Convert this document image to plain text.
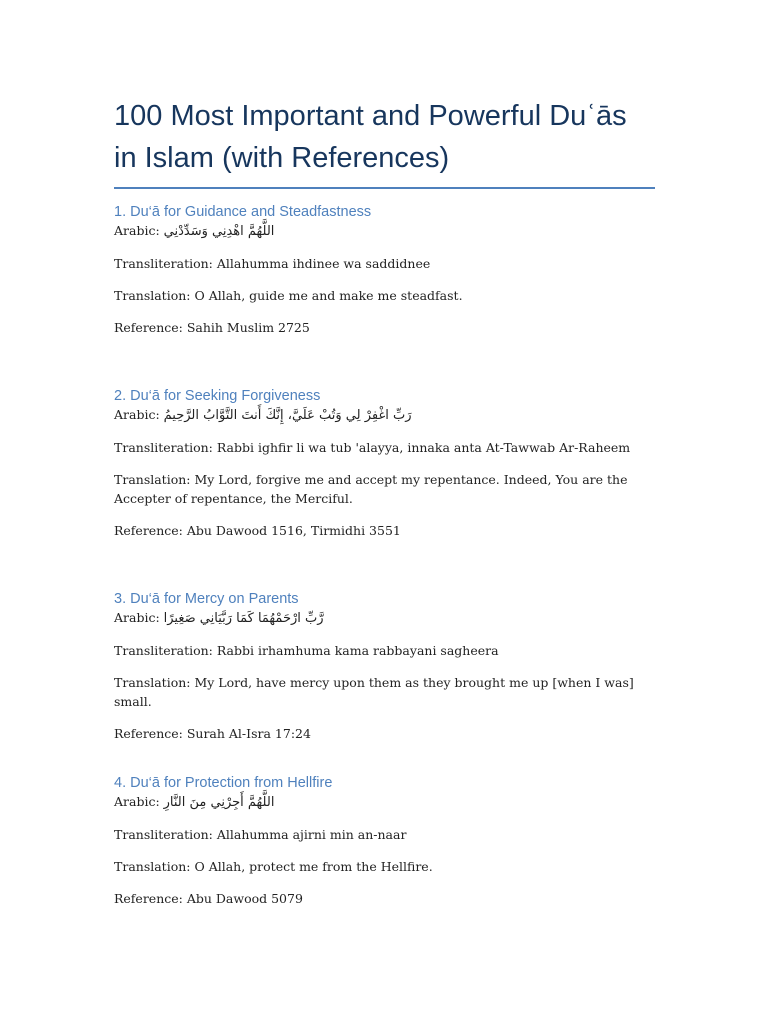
100 Most Important and Powerful Duʿās in Islam (with References)
1. Du‘ā for Guidance and Steadfastness

Arabic: اللَّهُمَّ اهْدِنِي وَسَدِّدْنِي

Transliteration: Allahumma ihdinee wa saddidnee

Translation: O Allah, guide me and make me steadfast.

Reference: Sahih Muslim 2725

2. Du‘ā for Seeking Forgiveness

Arabic: رَبِّ اغْفِرْ لِي وَتُبْ عَلَيَّ، إِنَّكَ أَنتَ التَّوَّابُ الرَّحِيمُ

Transliteration: Rabbi ighfir li wa tub 'alayya, innaka anta At-Tawwab Ar-Raheem

Translation: My Lord, forgive me and accept my repentance. Indeed, You are the Accepter of repentance, the Merciful.

Reference: Abu Dawood 1516, Tirmidhi 3551

3. Du‘ā for Mercy on Parents

Arabic: رَّبِّ ارْحَمْهُمَا كَمَا رَبَّيَانِي صَغِيرًا

Transliteration: Rabbi irhamhuma kama rabbayani sagheera

Translation: My Lord, have mercy upon them as they brought me up [when I was] small.

Reference: Surah Al-Isra 17:24

4. Du‘ā for Protection from Hellfire

Arabic: اللَّهُمَّ أَجِرْنِي مِنَ النَّارِ

Transliteration: Allahumma ajirni min an-naar

Translation: O Allah, protect me from the Hellfire.

Reference: Abu Dawood 5079
